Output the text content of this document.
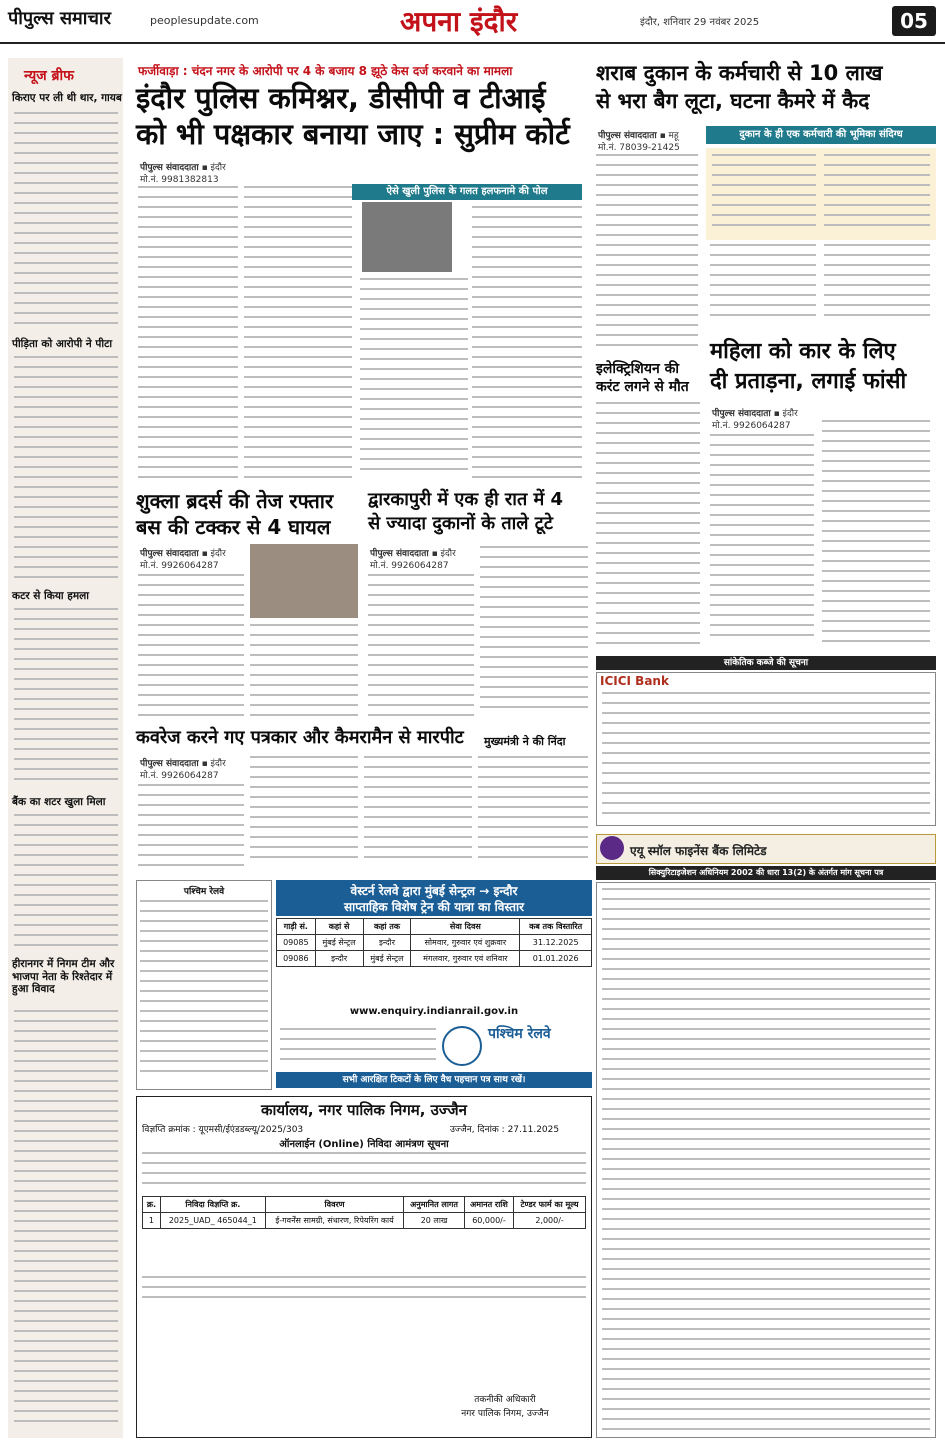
पीपुल्स समाचार	peoplesupdate.com	अपना इंदौर	इंदौर, शनिवार 29 नवंबर 2025	05
न्यूज ब्रीफ
किराए पर ली थी थार, गायब
पीड़िता को आरोपी ने पीटा
कटर से किया हमला
बैंक का शटर खुला मिला
हीरानगर में निगम टीम और भाजपा नेता के रिश्तेदार में हुआ विवाद
फर्जीवाड़ा : चंदन नगर के आरोपी पर 4 के बजाय 8 झूठे केस दर्ज करवाने का मामला
इंदौर पुलिस कमिश्नर, डीसीपी व टीआई
को भी पक्षकार बनाया जाए : सुप्रीम कोर्ट
पीपुल्स संवाददाता ▪ इंदौर
मो.नं. 9981382813
ऐसे खुली पुलिस के गलत हलफनामे की पोल
शराब दुकान के कर्मचारी से 10 लाख
से भरा बैग लूटा, घटना कैमरे में कैद
पीपुल्स संवाददाता ▪ महू
मो.नं. 78039-21425
दुकान के ही एक कर्मचारी की भूमिका संदिग्ध
इलेक्ट्रिशियन की
करंट लगने से मौत
महिला को कार के लिए
दी प्रताड़ना, लगाई फांसी
पीपुल्स संवाददाता ▪ इंदौर
मो.नं. 9926064287
शुक्ला ब्रदर्स की तेज रफ्तार
बस की टक्कर से 4 घायल
पीपुल्स संवाददाता ▪ इंदौर
मो.नं. 9926064287
द्वारकापुरी में एक ही रात में 4
से ज्यादा दुकानों के ताले टूटे
पीपुल्स संवाददाता ▪ इंदौर
मो.नं. 9926064287
सांकेतिक कब्जे की सूचना
ICICI Bank
कवरेज करने गए पत्रकार और कैमरामैन से मारपीट
पीपुल्स संवाददाता ▪ इंदौर
मो.नं. 9926064287
मुख्यमंत्री ने की निंदा
एयू स्मॉल फाइनेंस बैंक लिमिटेड
सिक्युरिटाइजेशन अधिनियम 2002 की धारा 13(2) के अंतर्गत मांग सूचना पत्र
पश्चिम रेलवे	वेस्टर्न रेलवे द्वारा मुंबई सेन्ट्रल → इन्दौर
साप्ताहिक विशेष ट्रेन की यात्रा का विस्तार
गाड़ी सं.	कहां से	कहां तक	सेवा दिवस	कब तक विस्तारित
09085	मुंबई सेन्ट्रल	इन्दौर	सोमवार, गुरुवार एवं शुक्रवार	31.12.2025
09086	इन्दौर	मुंबई सेन्ट्रल	मंगलवार, गुरुवार एवं शनिवार	01.01.2026
www.enquiry.indianrail.gov.in
पश्चिम रेलवे
सभी आरक्षित टिकटों के लिए वैध पहचान पत्र साथ रखें।
कार्यालय, नगर पालिक निगम, उज्जैन
विज्ञप्ति क्रमांक : यूएमसी/ईएंडडब्ल्यू/2025/303	उज्जैन, दिनांक : 27.11.2025
ऑनलाईन (Online) निविदा आमंत्रण सूचना
क्र.	निविदा विज्ञप्ति क्र.	विवरण	अनुमानित लागत	अमानत राशि	टेण्डर फार्म का मूल्य
1	2025_UAD_ 465044_1	ई-गवर्नेंस सामग्री, संधारण, रिपेयरिंग कार्य	20 लाख	60,000/-	2,000/-
तकनीकी अधिकारी
नगर पालिक निगम, उज्जैन
